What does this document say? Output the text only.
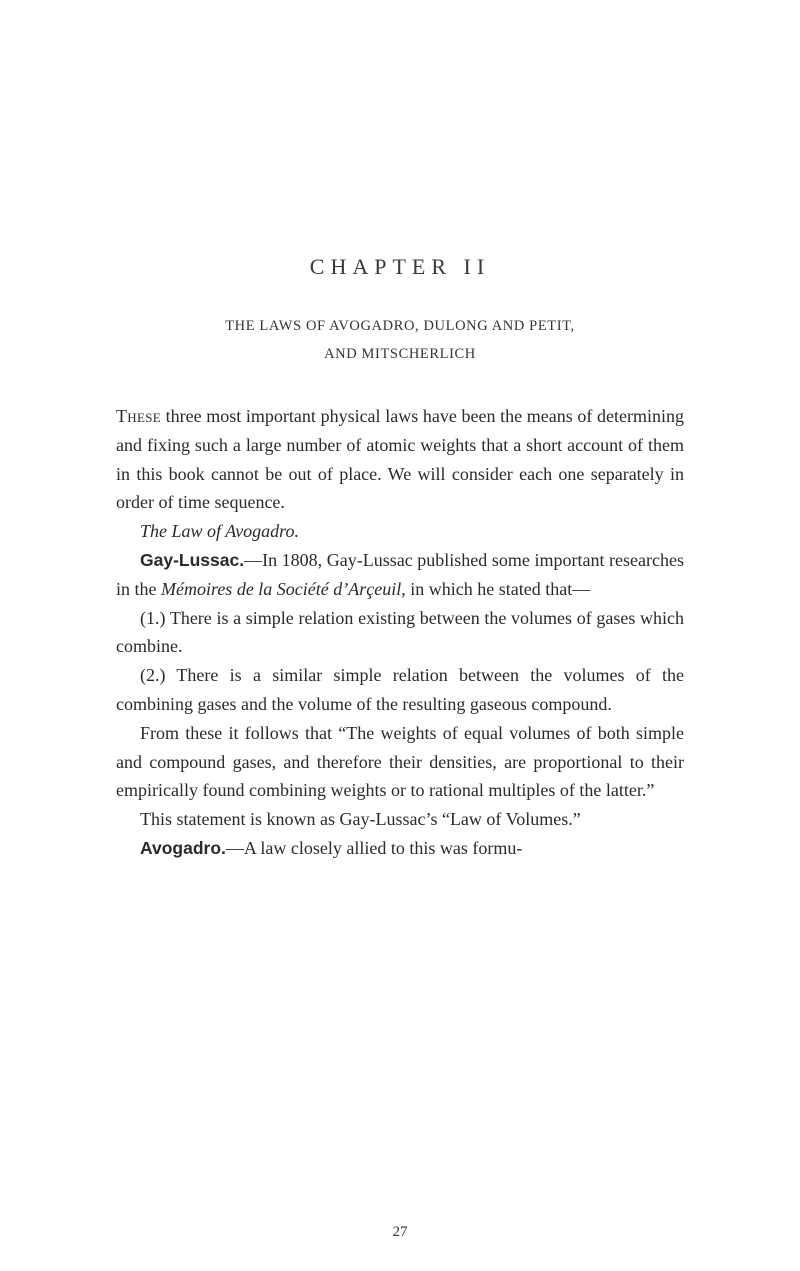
CHAPTER II
THE LAWS OF AVOGADRO, DULONG AND PETIT,
AND MITSCHERLICH

These three most important physical laws have been the means of determining and fixing such a large number of atomic weights that a short account of them in this book cannot be out of place. We will consider each one separately in order of time sequence.

The Law of Avogadro.

Gay-Lussac.—In 1808, Gay-Lussac published some important researches in the Mémoires de la Société d’Arçeuil, in which he stated that—

(1.) There is a simple relation existing between the volumes of gases which combine.

(2.) There is a similar simple relation between the volumes of the combining gases and the volume of the resulting gaseous compound.

From these it follows that “The weights of equal volumes of both simple and compound gases, and therefore their densities, are proportional to their empirically found combining weights or to rational multiples of the latter.”

This statement is known as Gay-Lussac’s “Law of Volumes.”

Avogadro.—A law closely allied to this was formu-

27
